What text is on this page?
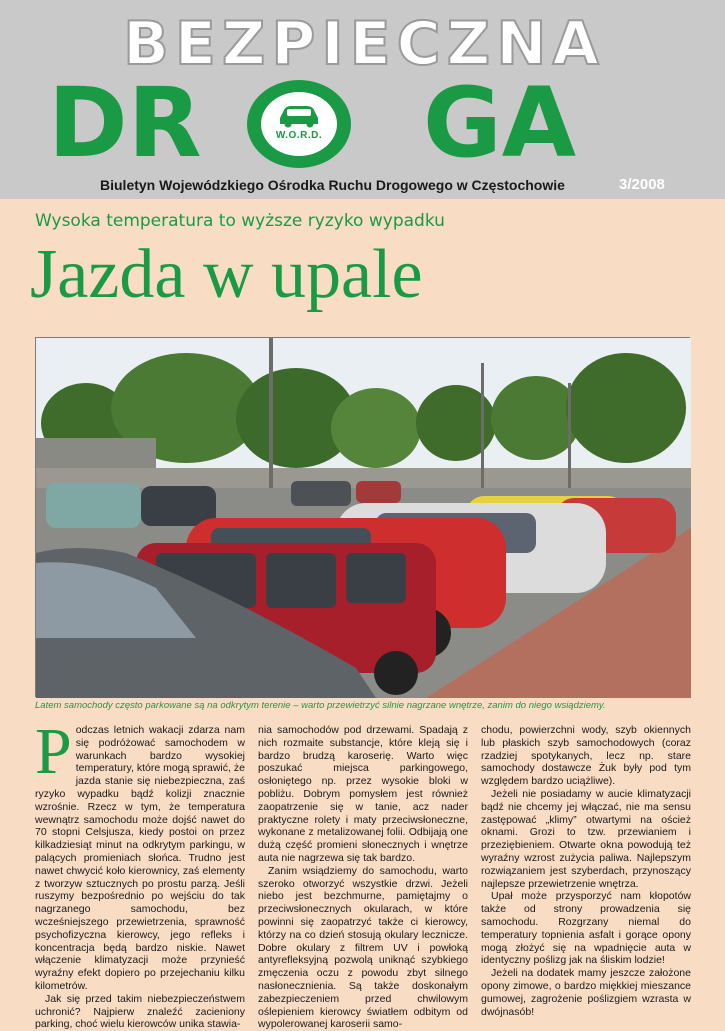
BEZPIECZNA
DR GA
W.O.R.D.
Biuletyn Wojewódzkiego Ośrodka Ruchu Drogowego w Częstochowie	3/2008
Wysoka temperatura to wyższe ryzyko wypadku
Jazda w upale
Latem samochody często parkowane są na odkrytym terenie – warto przewietrzyć silnie nagrzane wnętrze, zanim do niego wsiądziemy.

Podczas letnich wakacji zdarza nam się podróżować samochodem w warunkach bardzo wysokiej temperatury, które mogą sprawić, że jazda stanie się niebezpieczna, zaś ryzyko wypadku bądź kolizji znacznie wzrośnie. Rzecz w tym, że temperatura wewnątrz samochodu może dojść nawet do 70 stopni Celsjusza, kiedy postoi on przez kilkadziesiąt minut na odkrytym parkingu, w palących promieniach słońca. Trudno jest nawet chwycić koło kierownicy, zaś elementy z tworzyw sztucznych po prostu parzą. Jeśli ruszymy bezpośrednio po wejściu do tak nagrzanego samochodu, bez wcześniejszego przewietrzenia, sprawność psychofizyczna kierowcy, jego refleks i koncentracja będą bardzo niskie. Nawet włączenie klimatyzacji może przynieść wyraźny efekt dopiero po przejechaniu kilku kilometrów.

Jak się przed takim niebezpieczeństwem uchronić? Najpierw znaleźć zacieniony parking, choć wielu kierowców unika stawia-

nia samochodów pod drzewami. Spadają z nich rozmaite substancje, które kleją się i bardzo brudzą karoserię. Warto więc poszukać miejsca parkingowego, osłoniętego np. przez wysokie bloki w pobliżu. Dobrym pomysłem jest również zaopatrzenie się w tanie, acz nader praktyczne rolety i maty przeciwsłoneczne, wykonane z metalizowanej folii. Odbijają one dużą część promieni słonecznych i wnętrze auta nie nagrzewa się tak bardzo.

Zanim wsiądziemy do samochodu, warto szeroko otworzyć wszystkie drzwi. Jeżeli niebo jest bezchmurne, pamiętajmy o przeciwsłonecznych okularach, w które powinni się zaopatrzyć także ci kierowcy, którzy na co dzień stosują okulary lecznicze. Dobre okulary z filtrem UV i powłoką antyrefleksyjną pozwolą uniknąć szybkiego zmęczenia oczu z powodu zbyt silnego nasłonecznienia. Są także doskonałym zabezpieczeniem przed chwilowym oślepieniem kierowcy światłem odbitym od wypolerowanej karoserii samo-

chodu, powierzchni wody, szyb okiennych lub płaskich szyb samochodowych (coraz rzadziej spotykanych, lecz np. stare samochody dostawcze Żuk były pod tym względem bardzo uciążliwe).

Jeżeli nie posiadamy w aucie klimatyzacji bądź nie chcemy jej włączać, nie ma sensu zastępować „klimy” otwartymi na oścież oknami. Grozi to tzw. przewianiem i przeziębieniem. Otwarte okna powodują też wyraźny wzrost zużycia paliwa. Najlepszym rozwiązaniem jest szyberdach, przynoszący najlepsze przewietrzenie wnętrza.

Upał może przysporzyć nam kłopotów także od strony prowadzenia się samochodu. Rozgrzany niemal do temperatury topnienia asfalt i gorące opony mogą złożyć się na wpadnięcie auta w identyczny poślizg jak na śliskim lodzie!

Jeżeli na dodatek mamy jeszcze założone opony zimowe, o bardzo miękkiej mieszance gumowej, zagrożenie poślizgiem wzrasta w dwójnasób!
